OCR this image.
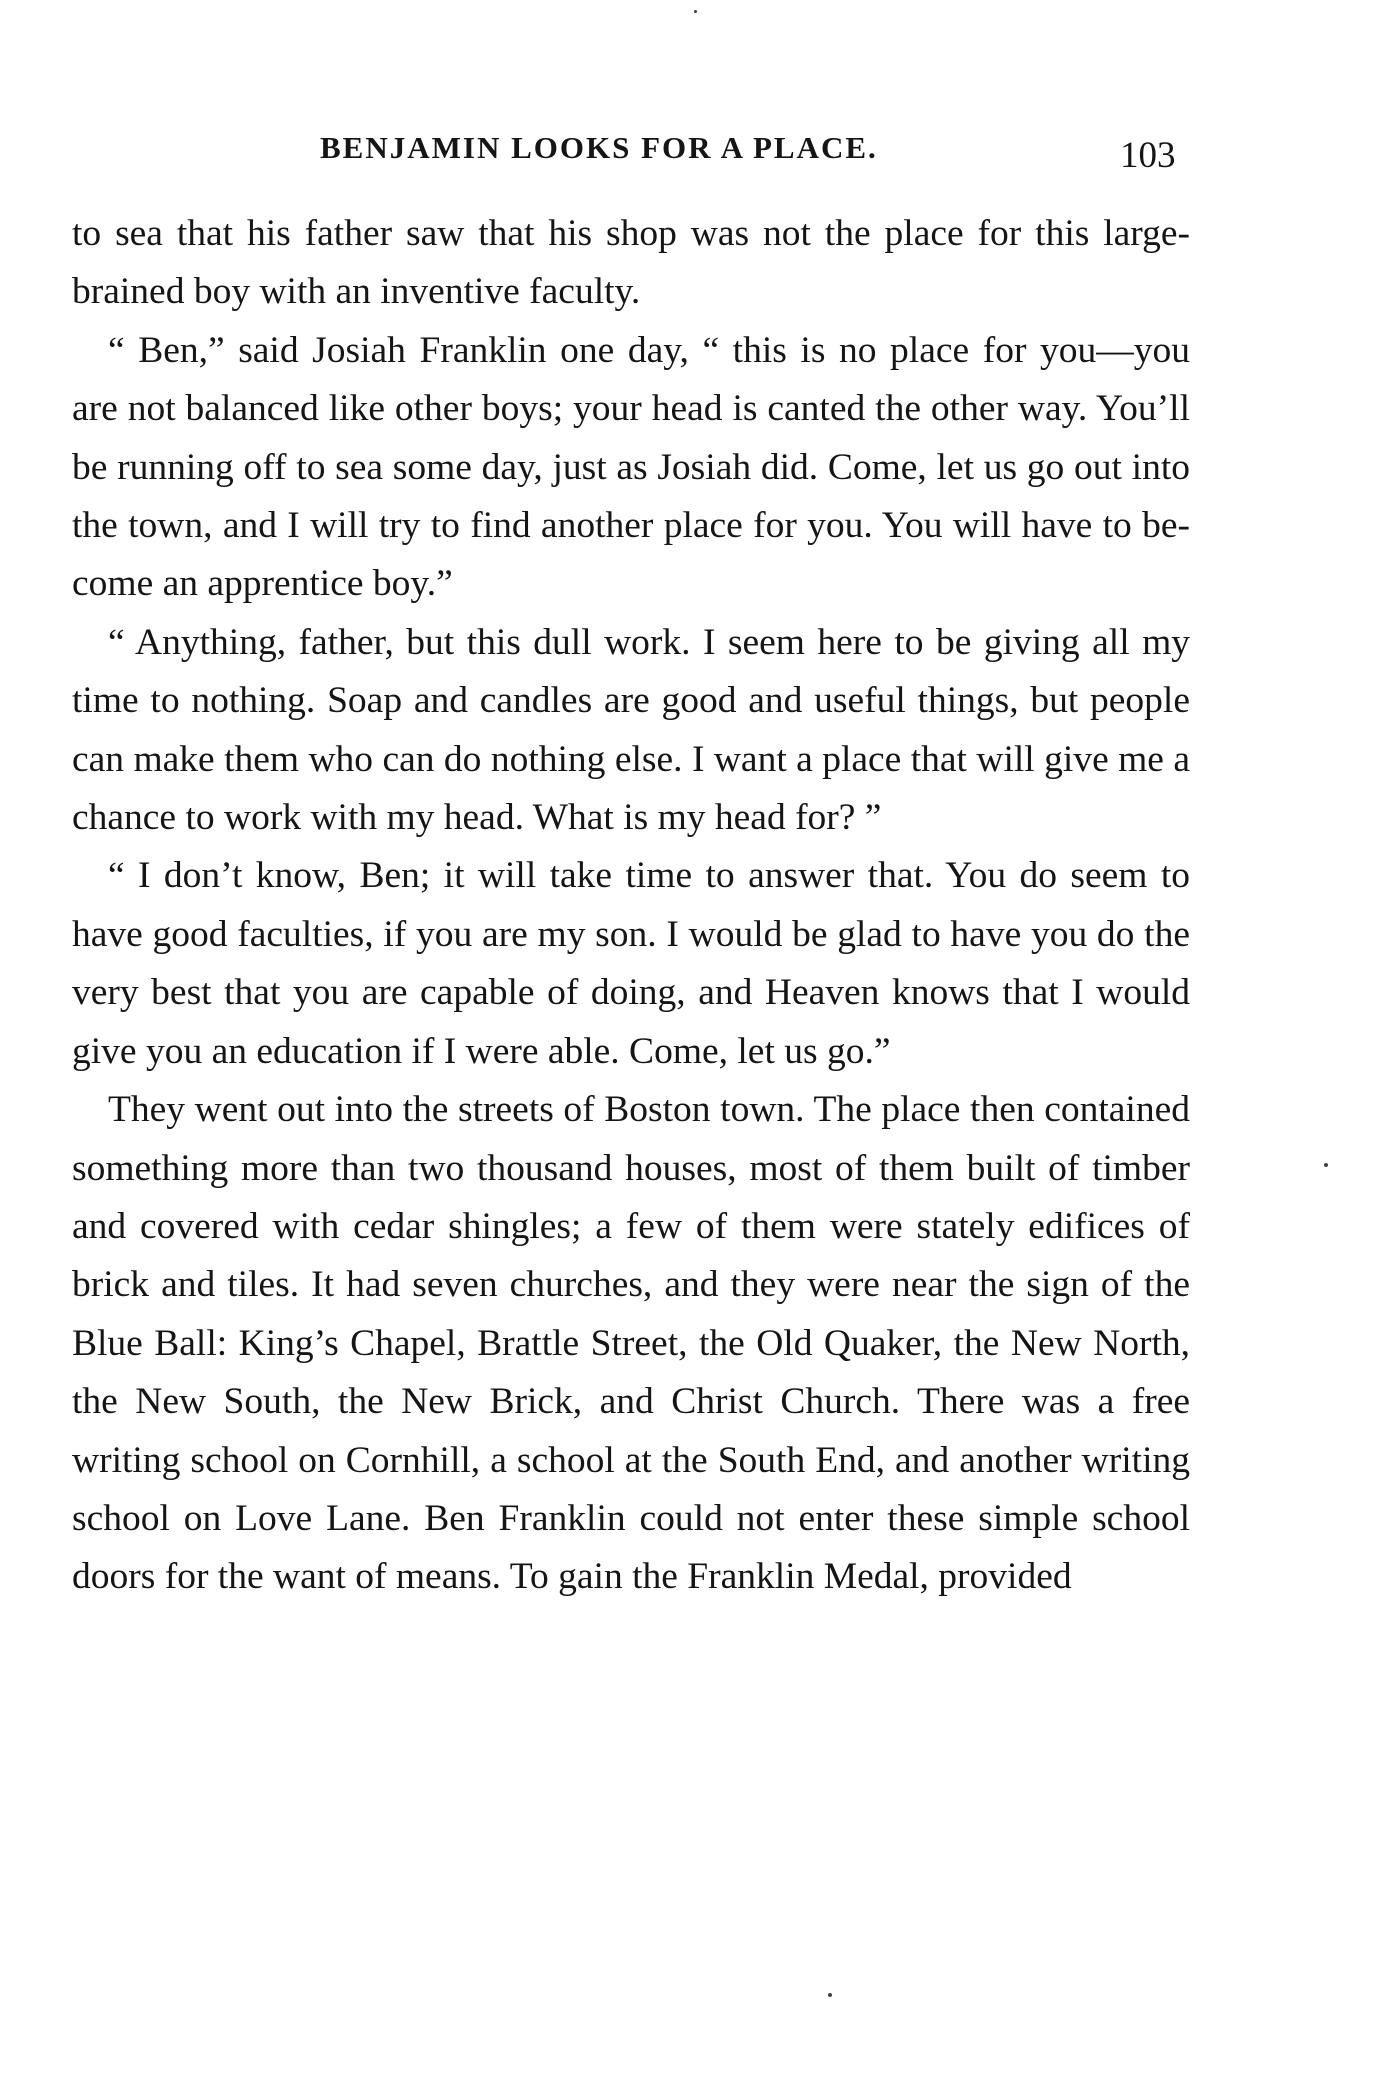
BENJAMIN LOOKS FOR A PLACE.	103

to sea that his father saw that his shop was not the place for this large-brained boy with an inventive faculty.

“ Ben,” said Josiah Franklin one day, “ this is no place for you—you are not balanced like other boys; your head is canted the other way. You’ll be running off to sea some day, just as Josiah did. Come, let us go out into the town, and I will try to find another place for you. You will have to become an apprentice boy.”

“ Anything, father, but this dull work. I seem here to be giving all my time to nothing. Soap and candles are good and useful things, but people can make them who can do nothing else. I want a place that will give me a chance to work with my head. What is my head for? ”

“ I don’t know, Ben; it will take time to answer that. You do seem to have good faculties, if you are my son. I would be glad to have you do the very best that you are capable of doing, and Heaven knows that I would give you an education if I were able. Come, let us go.”

They went out into the streets of Boston town. The place then contained something more than two thousand houses, most of them built of timber and covered with cedar shingles; a few of them were stately edifices of brick and tiles. It had seven churches, and they were near the sign of the Blue Ball: King’s Chapel, Brattle Street, the Old Quaker, the New North, the New South, the New Brick, and Christ Church. There was a free writing school on Cornhill, a school at the South End, and another writing school on Love Lane. Ben Franklin could not enter these simple school doors for the want of means. To gain the Franklin Medal, provided
